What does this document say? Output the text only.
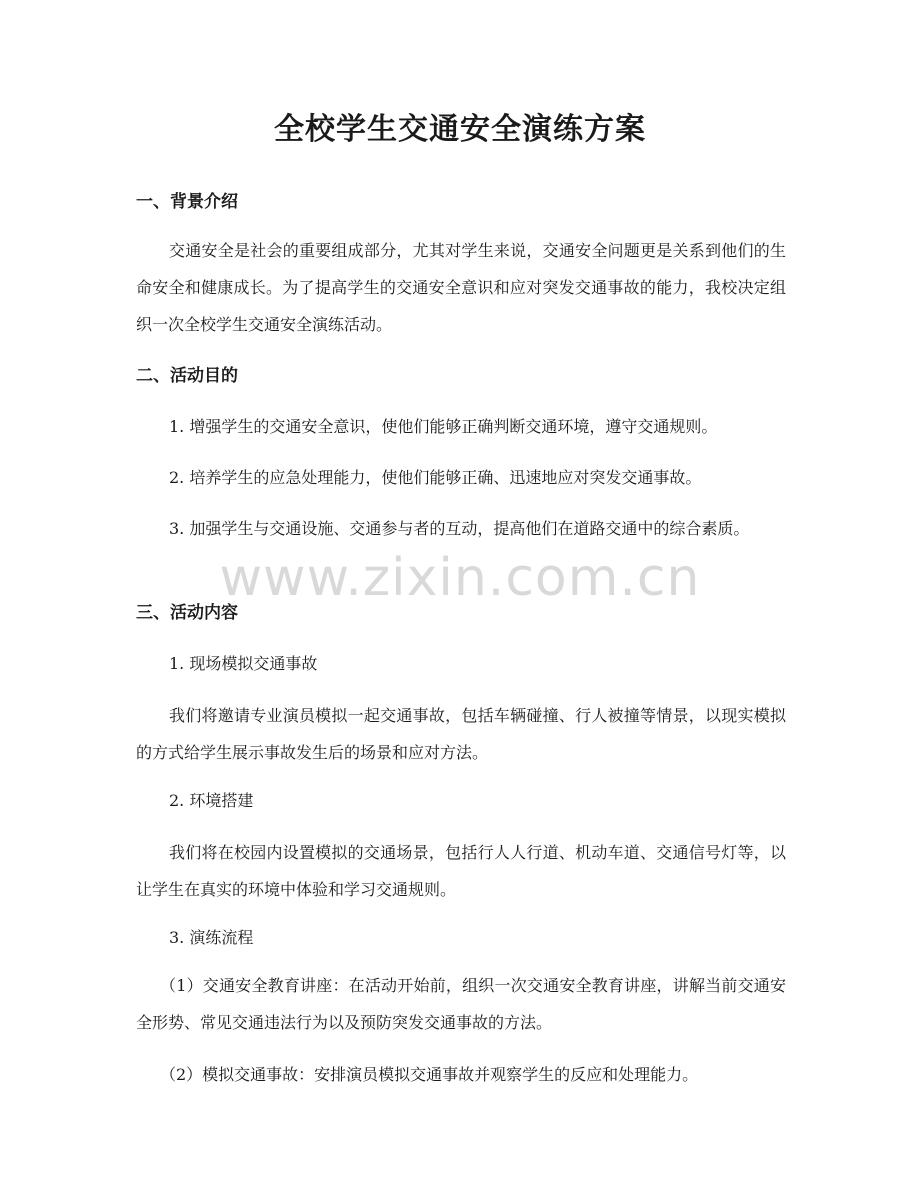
全校学生交通安全演练方案
一、背景介绍

交通安全是社会的重要组成部分，尤其对学生来说，交通安全问题更是关系到他们的生命安全和健康成长。为了提高学生的交通安全意识和应对突发交通事故的能力，我校决定组织一次全校学生交通安全演练活动。

二、活动目的

1. 增强学生的交通安全意识，使他们能够正确判断交通环境，遵守交通规则。

2. 培养学生的应急处理能力，使他们能够正确、迅速地应对突发交通事故。

3. 加强学生与交通设施、交通参与者的互动，提高他们在道路交通中的综合素质。

三、活动内容

1. 现场模拟交通事故

我们将邀请专业演员模拟一起交通事故，包括车辆碰撞、行人被撞等情景，以现实模拟的方式给学生展示事故发生后的场景和应对方法。

2. 环境搭建

我们将在校园内设置模拟的交通场景，包括行人人行道、机动车道、交通信号灯等，以让学生在真实的环境中体验和学习交通规则。

3. 演练流程

（1）交通安全教育讲座：在活动开始前，组织一次交通安全教育讲座，讲解当前交通安全形势、常见交通违法行为以及预防突发交通事故的方法。

（2）模拟交通事故：安排演员模拟交通事故并观察学生的反应和处理能力。

www.zixin.com.cn
